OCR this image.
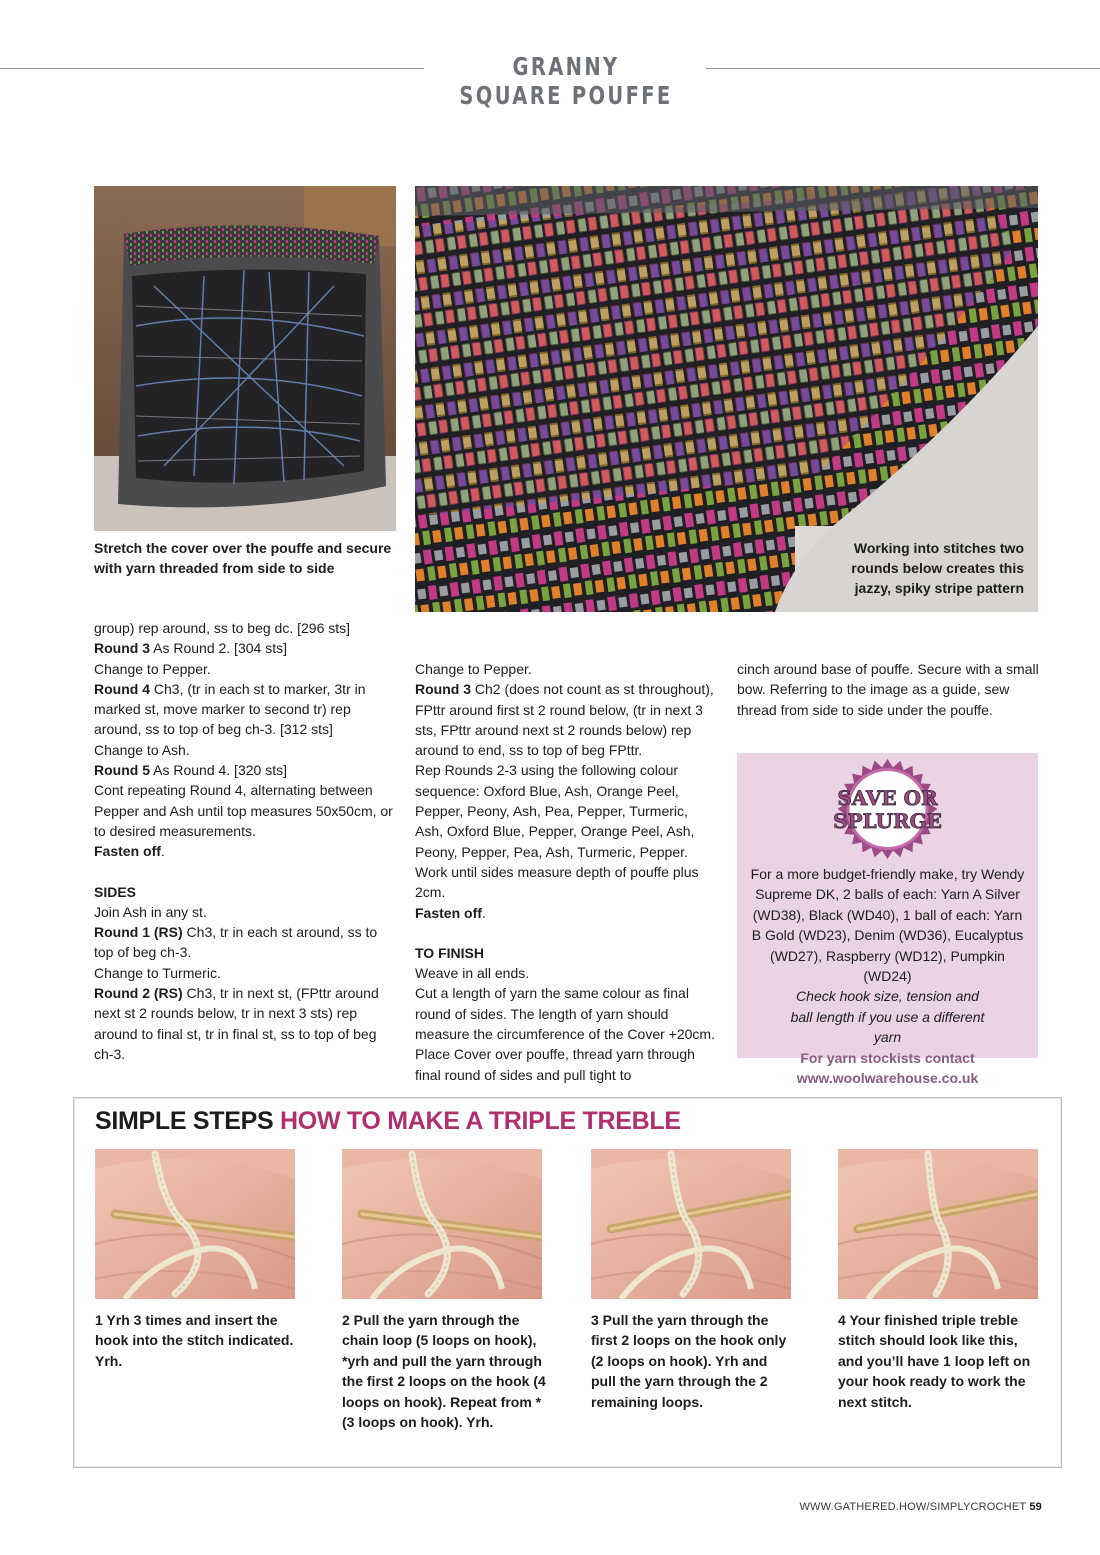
GRANNY SQUARE POUFFE
Stretch the cover over the pouffe and secure with yarn threaded from side to side
Working into stitches two rounds below creates this jazzy, spiky stripe pattern

group) rep around, ss to beg dc. [296 sts]

Round 3 As Round 2. [304 sts]

Change to Pepper.

Round 4 Ch3, (tr in each st to marker, 3tr in marked st, move marker to second tr) rep around, ss to top of beg ch-3. [312 sts]

Change to Ash.

Round 5 As Round 4. [320 sts]

Cont repeating Round 4, alternating between Pepper and Ash until top measures 50x50cm, or to desired measurements.

Fasten off.

SIDES

Join Ash in any st.

Round 1 (RS) Ch3, tr in each st around, ss to top of beg ch-3.

Change to Turmeric.

Round 2 (RS) Ch3, tr in next st, (FPttr around next st 2 rounds below, tr in next 3 sts) rep around to final st, tr in final st, ss to top of beg ch-3.

Change to Pepper.

Round 3 Ch2 (does not count as st throughout), FPttr around first st 2 round below, (tr in next 3 sts, FPttr around next st 2 rounds below) rep around to end, ss to top of beg FPttr.

Rep Rounds 2-3 using the following colour sequence: Oxford Blue, Ash, Orange Peel, Pepper, Peony, Ash, Pea, Pepper, Turmeric, Ash, Oxford Blue, Pepper, Orange Peel, Ash, Peony, Pepper, Pea, Ash, Turmeric, Pepper. Work until sides measure depth of pouffe plus 2cm.

Fasten off.

TO FINISH

Weave in all ends.

Cut a length of yarn the same colour as final round of sides. The length of yarn should measure the circumference of the Cover +20cm. Place Cover over pouffe, thread yarn through final round of sides and pull tight to

cinch around base of pouffe. Secure with a small bow. Referring to the image as a guide, sew thread from side to side under the pouffe.

SAVE OR
SPLURGE
For a more budget-friendly make, try Wendy Supreme DK, 2 balls of each: Yarn A Silver (WD38), Black (WD40), 1 ball of each: Yarn B Gold (WD23), Denim (WD36), Eucalyptus (WD27), Raspberry (WD12), Pumpkin (WD24)
Check hook size, tension and ball length if you use a different yarn
For yarn stockists contact
www.woolwarehouse.co.uk
SIMPLE STEPS HOW TO MAKE A TRIPLE TREBLE
1 Yrh 3 times and insert the hook into the stitch indicated. Yrh.
2 Pull the yarn through the chain loop (5 loops on hook), *yrh and pull the yarn through the first 2 loops on the hook (4 loops on hook). Repeat from * (3 loops on hook). Yrh.
3 Pull the yarn through the first 2 loops on the hook only (2 loops on hook). Yrh and pull the yarn through the 2 remaining loops.
4 Your finished triple treble stitch should look like this, and you’ll have 1 loop left on your hook ready to work the next stitch.
WWW.GATHERED.HOW/SIMPLYCROCHET 59
